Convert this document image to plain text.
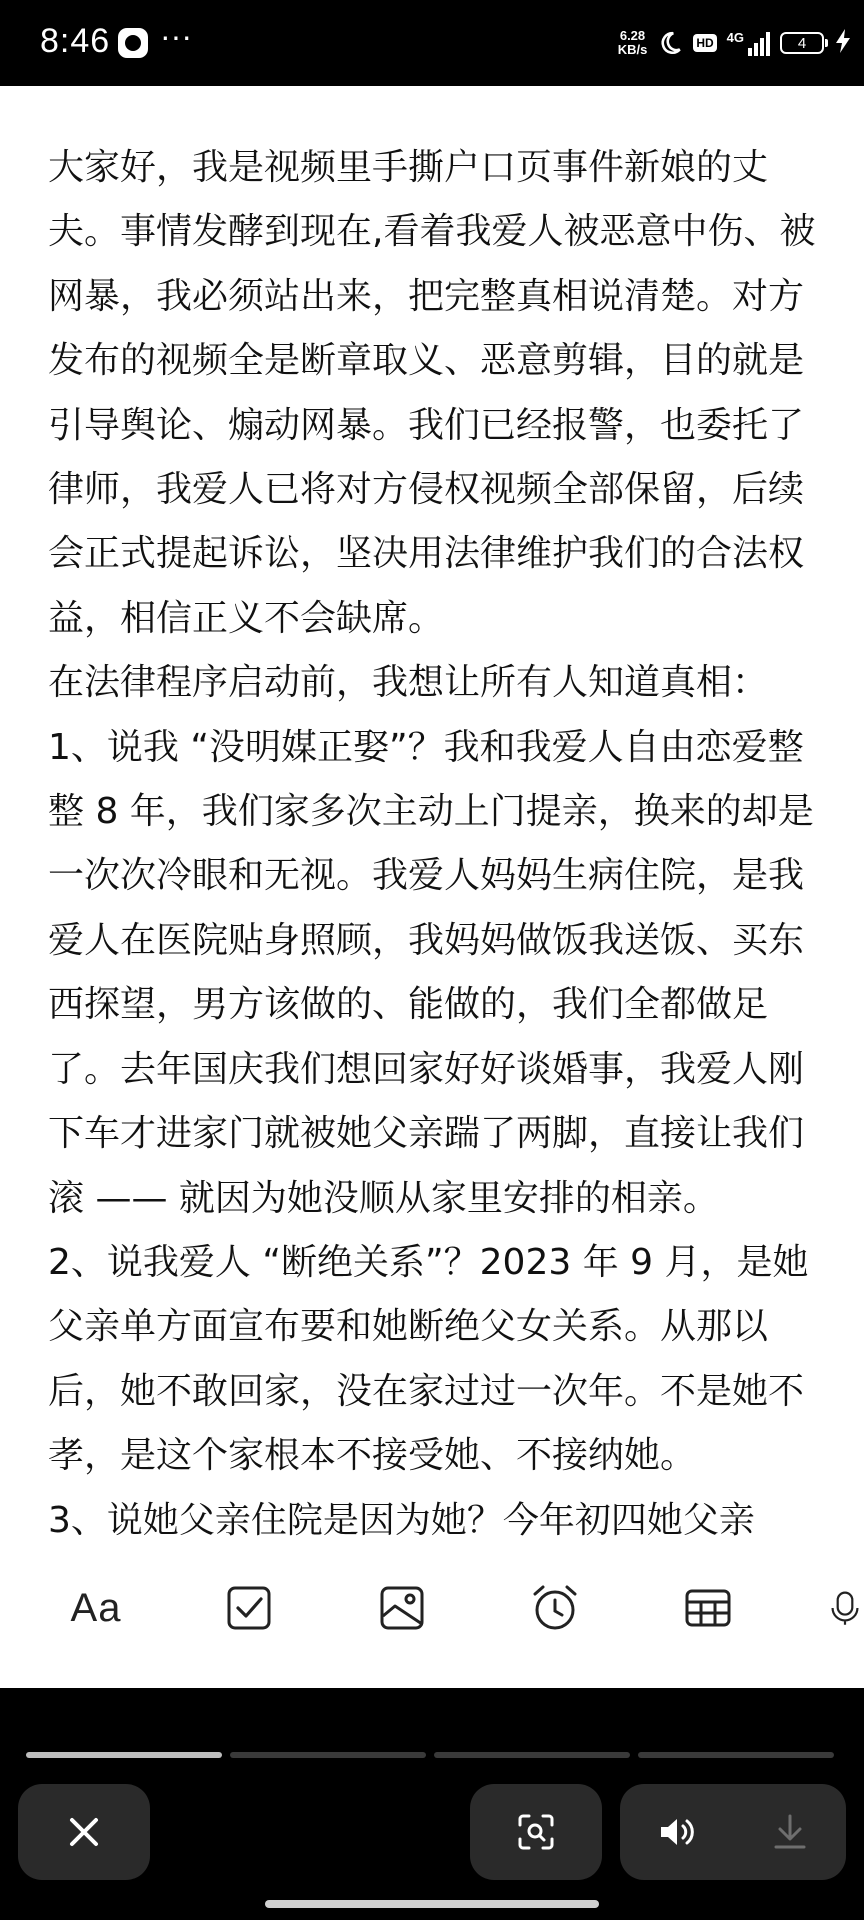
8:46 ···	6.28
KB/s	HD 4G	4

大家好，我是视频里手撕户口页事件新娘的丈夫。事情发酵到现在,看着我爱人被恶意中伤、被网暴，我必须站出来，把完整真相说清楚。对方发布的视频全是断章取义、恶意剪辑，目的就是引导舆论、煽动网暴。我们已经报警，也委托了律师，我爱人已将对方侵权视频全部保留，后续会正式提起诉讼，坚决用法律维护我们的合法权益，相信正义不会缺席。

在法律程序启动前，我想让所有人知道真相：

1、说我 “没明媒正娶”？我和我爱人自由恋爱整整 8 年，我们家多次主动上门提亲，换来的却是一次次冷眼和无视。我爱人妈妈生病住院，是我爱人在医院贴身照顾，我妈妈做饭我送饭、买东西探望，男方该做的、能做的，我们全都做足了。去年国庆我们想回家好好谈婚事，我爱人刚下车才进家门就被她父亲踹了两脚，直接让我们滚 —— 就因为她没顺从家里安排的相亲。

2、说我爱人 “断绝关系”？2023 年 9 月，是她父亲单方面宣布要和她断绝父女关系。从那以后，她不敢回家，没在家过过一次年。不是她不孝，是这个家根本不接受她、不接纳她。

3、说她父亲住院是因为她？今年初四她父亲

Aa
